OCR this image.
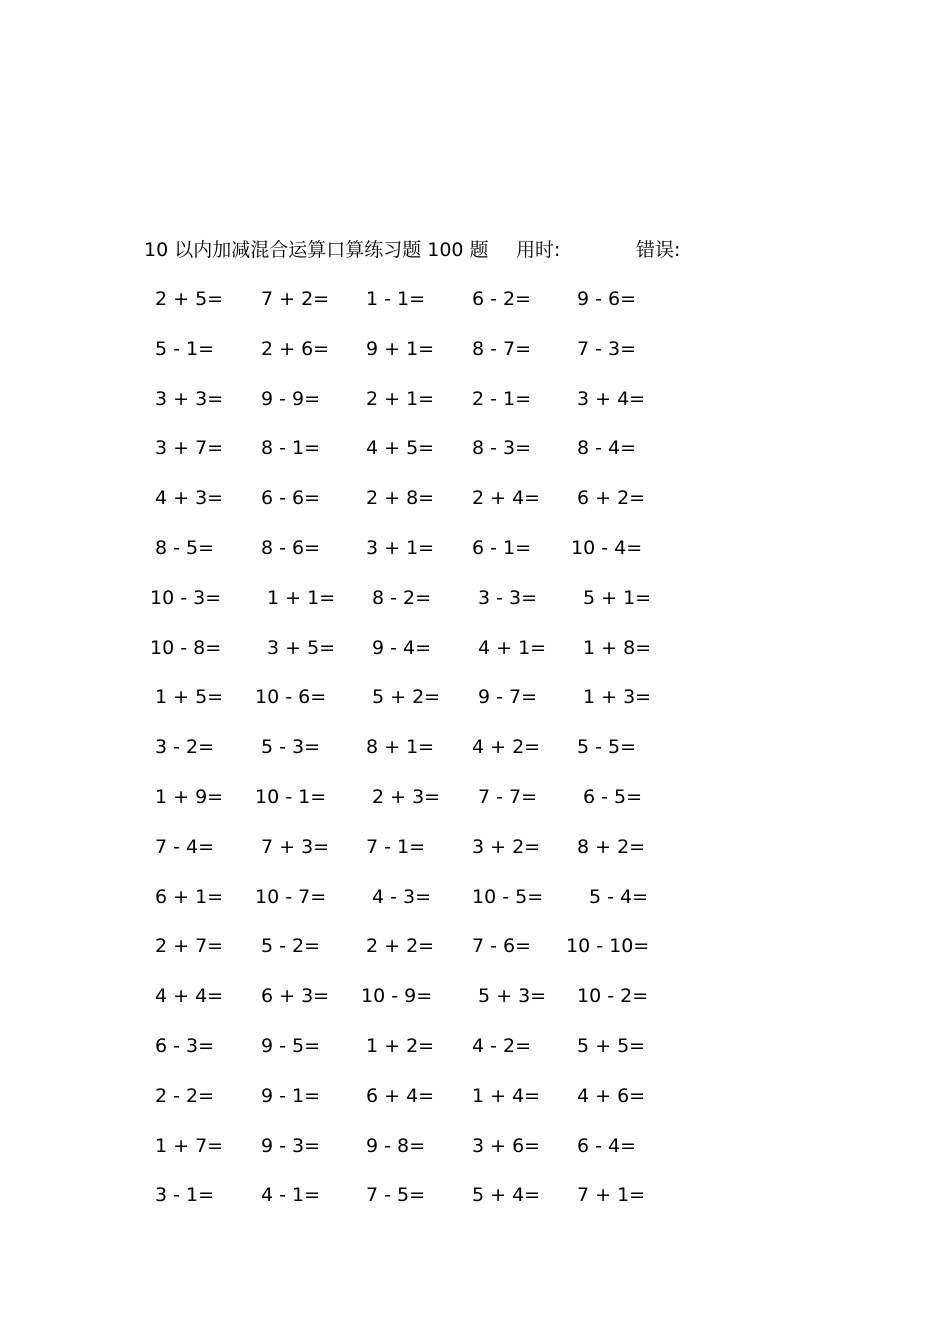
10 以内加减混合运算口算练习题 100 题 用时:	错误:
2 + 5= 7 + 2= 1 - 1= 6 - 2= 9 - 6=
5 - 1= 2 + 6= 9 + 1= 8 - 7= 7 - 3=
3 + 3= 9 - 9= 2 + 1= 2 - 1= 3 + 4=
3 + 7= 8 - 1= 4 + 5= 8 - 3= 8 - 4=
4 + 3= 6 - 6= 2 + 8= 2 + 4= 6 + 2=
8 - 5= 8 - 6= 3 + 1= 6 - 1= 10 - 4=
10 - 3= 1 + 1= 8 - 2= 3 - 3= 5 + 1=
10 - 8= 3 + 5= 9 - 4= 4 + 1= 1 + 8=
1 + 5= 10 - 6= 5 + 2= 9 - 7= 1 + 3=
3 - 2= 5 - 3= 8 + 1= 4 + 2= 5 - 5=
1 + 9= 10 - 1= 2 + 3= 7 - 7= 6 - 5=
7 - 4= 7 + 3= 7 - 1= 3 + 2= 8 + 2=
6 + 1= 10 - 7= 4 - 3= 10 - 5= 5 - 4=
2 + 7= 5 - 2= 2 + 2= 7 - 6= 10 - 10=
4 + 4= 6 + 3= 10 - 9= 5 + 3= 10 - 2=
6 - 3= 9 - 5= 1 + 2= 4 - 2= 5 + 5=
2 - 2= 9 - 1= 6 + 4= 1 + 4= 4 + 6=
1 + 7= 9 - 3= 9 - 8= 3 + 6= 6 - 4=
3 - 1= 4 - 1= 7 - 5= 5 + 4= 7 + 1=
